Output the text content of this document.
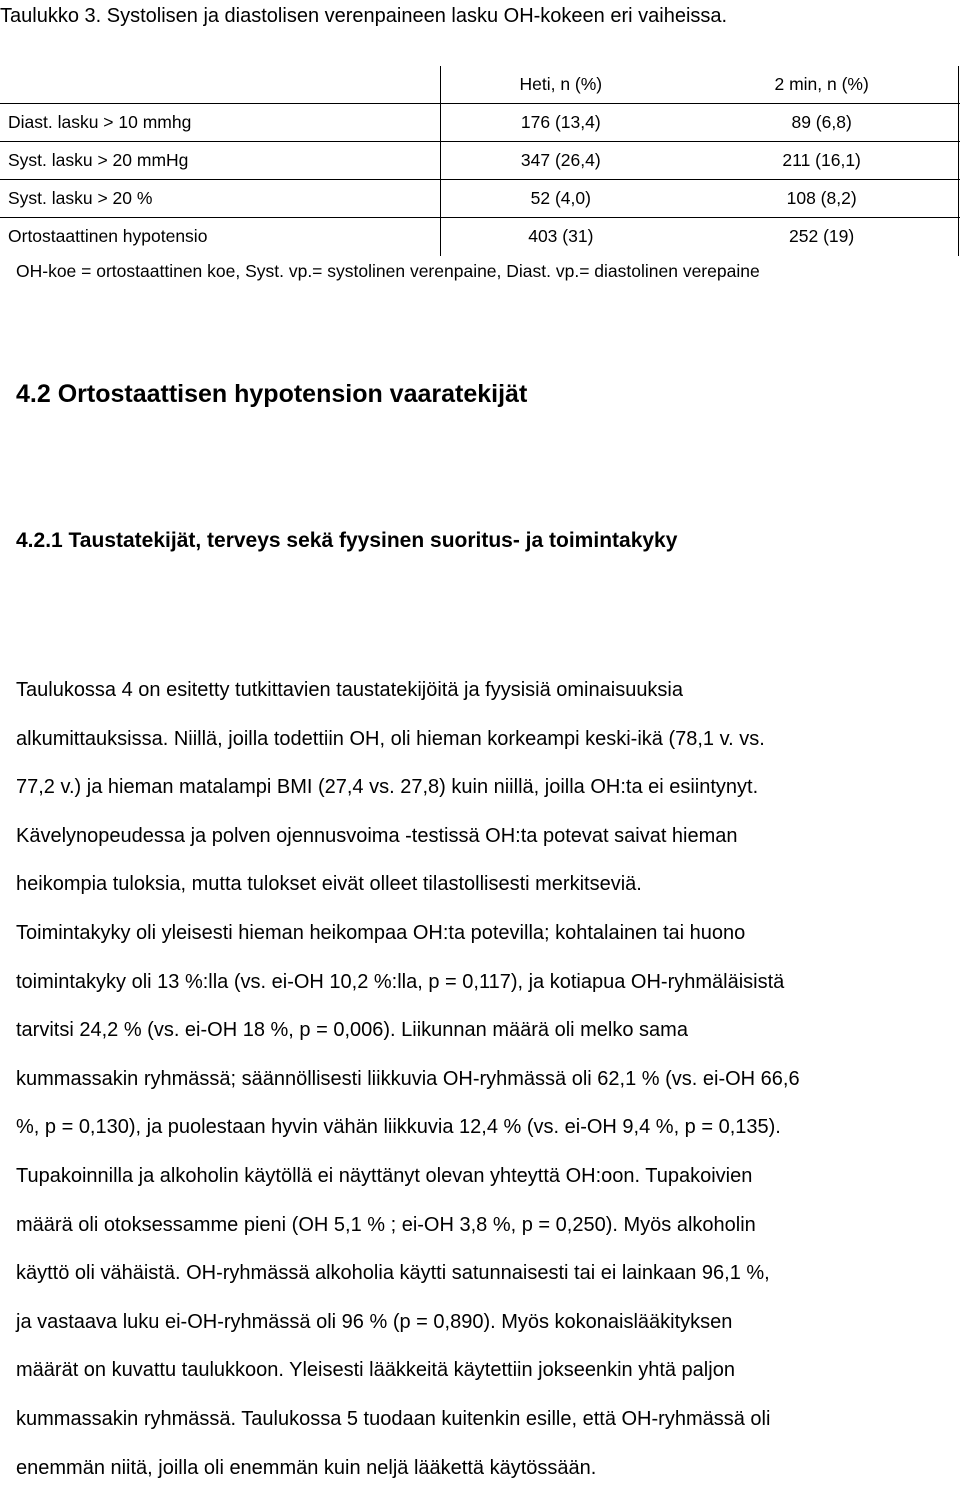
Taulukko 3. Systolisen ja diastolisen verenpaineen lasku OH-kokeen eri vaiheissa.
	Heti, n (%)	2 min, n (%)
Diast. lasku > 10 mmhg	176 (13,4)	89 (6,8)
Syst. lasku > 20 mmHg	347 (26,4)	211 (16,1)
Syst. lasku > 20 %	52 (4,0)	108 (8,2)
Ortostaattinen hypotensio	403 (31)	252 (19)
OH-koe = ortostaattinen koe, Syst. vp.= systolinen verenpaine, Diast. vp.= diastolinen verepaine
4.2 Ortostaattisen hypotension vaaratekijät
4.2.1 Taustatekijät, terveys sekä fyysinen suoritus- ja toimintakyky
Taulukossa 4 on esitetty tutkittavien taustatekijöitä ja fyysisiä ominaisuuksia
alkumittauksissa. Niillä, joilla todettiin OH, oli hieman korkeampi keski-ikä (78,1 v. vs.
77,2 v.) ja hieman matalampi BMI (27,4 vs. 27,8) kuin niillä, joilla OH:ta ei esiintynyt.
Kävelynopeudessa ja polven ojennusvoima -testissä OH:ta potevat saivat hieman
heikompia tuloksia, mutta tulokset eivät olleet tilastollisesti merkitseviä.
Toimintakyky oli yleisesti hieman heikompaa OH:ta potevilla; kohtalainen tai huono
toimintakyky oli 13 %:lla (vs. ei-OH 10,2 %:lla, p = 0,117), ja kotiapua OH-ryhmäläisistä
tarvitsi 24,2 % (vs. ei-OH 18 %, p = 0,006). Liikunnan määrä oli melko sama
kummassakin ryhmässä; säännöllisesti liikkuvia OH-ryhmässä oli 62,1 % (vs. ei-OH 66,6
%, p = 0,130), ja puolestaan hyvin vähän liikkuvia 12,4 % (vs. ei-OH 9,4 %, p = 0,135).
Tupakoinnilla ja alkoholin käytöllä ei näyttänyt olevan yhteyttä OH:oon. Tupakoivien
määrä oli otoksessamme pieni (OH 5,1 % ; ei-OH 3,8 %, p = 0,250). Myös alkoholin
käyttö oli vähäistä. OH-ryhmässä alkoholia käytti satunnaisesti tai ei lainkaan 96,1 %,
ja vastaava luku ei-OH-ryhmässä oli 96 % (p = 0,890). Myös kokonaislääkityksen
määrät on kuvattu taulukkoon. Yleisesti lääkkeitä käytettiin jokseenkin yhtä paljon
kummassakin ryhmässä. Taulukossa 5 tuodaan kuitenkin esille, että OH-ryhmässä oli
enemmän niitä, joilla oli enemmän kuin neljä lääkettä käytössään.
